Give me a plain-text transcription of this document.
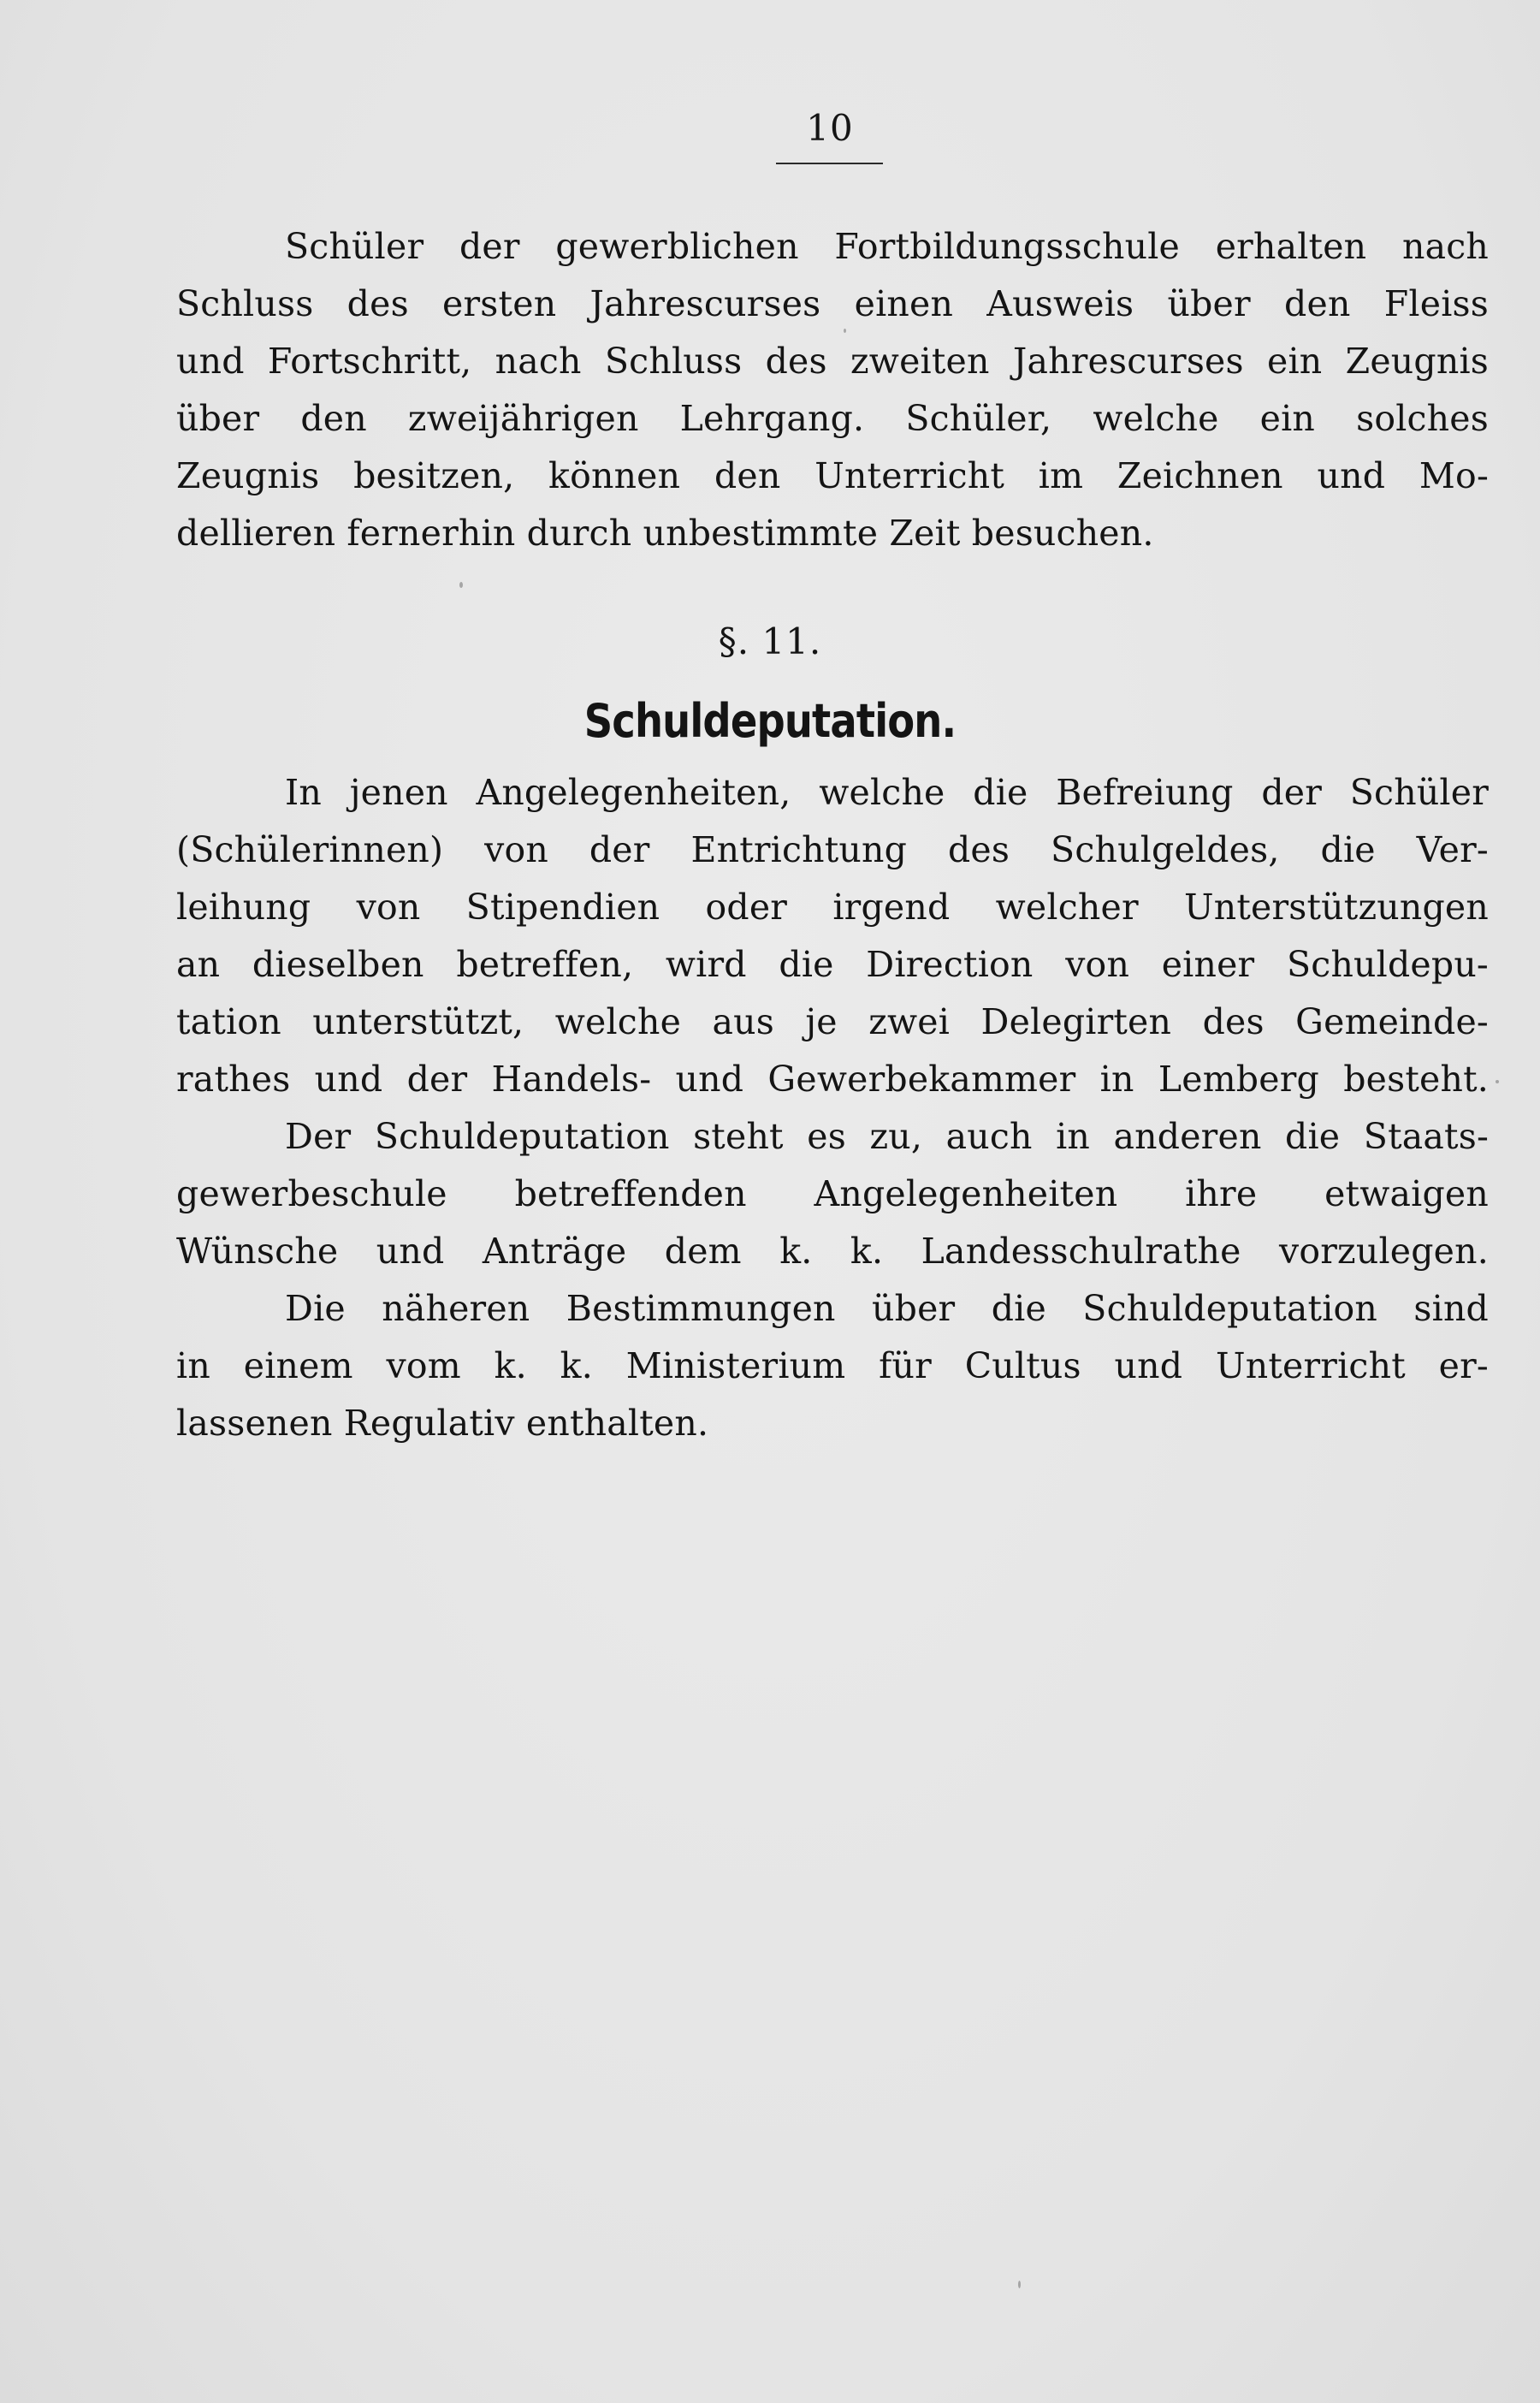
10
Schüler der gewerblichen Fortbildungsschule erhalten nach
Schluss des ersten Jahrescurses einen Ausweis über den Fleiss
und Fortschritt, nach Schluss des zweiten Jahrescurses ein Zeugnis
über den zweijährigen Lehrgang. Schüler, welche ein solches
Zeugnis besitzen, können den Unterricht im Zeichnen und Mo-
dellieren fernerhin durch unbestimmte Zeit besuchen.
§. 11.
Schuldeputation.
In jenen Angelegenheiten, welche die Befreiung der Schüler
(Schülerinnen) von der Entrichtung des Schulgeldes, die Ver-
leihung von Stipendien oder irgend welcher Unterstützungen
an dieselben betreffen, wird die Direction von einer Schuldepu-
tation unterstützt, welche aus je zwei Delegirten des Gemeinde-
rathes und der Handels- und Gewerbekammer in Lemberg besteht.
Der Schuldeputation steht es zu, auch in anderen die Staats-
gewerbeschule betreffenden Angelegenheiten ihre etwaigen
Wünsche und Anträge dem k. k. Landesschulrathe vorzulegen.
Die näheren Bestimmungen über die Schuldeputation sind
in einem vom k. k. Ministerium für Cultus und Unterricht er-
lassenen Regulativ enthalten.
